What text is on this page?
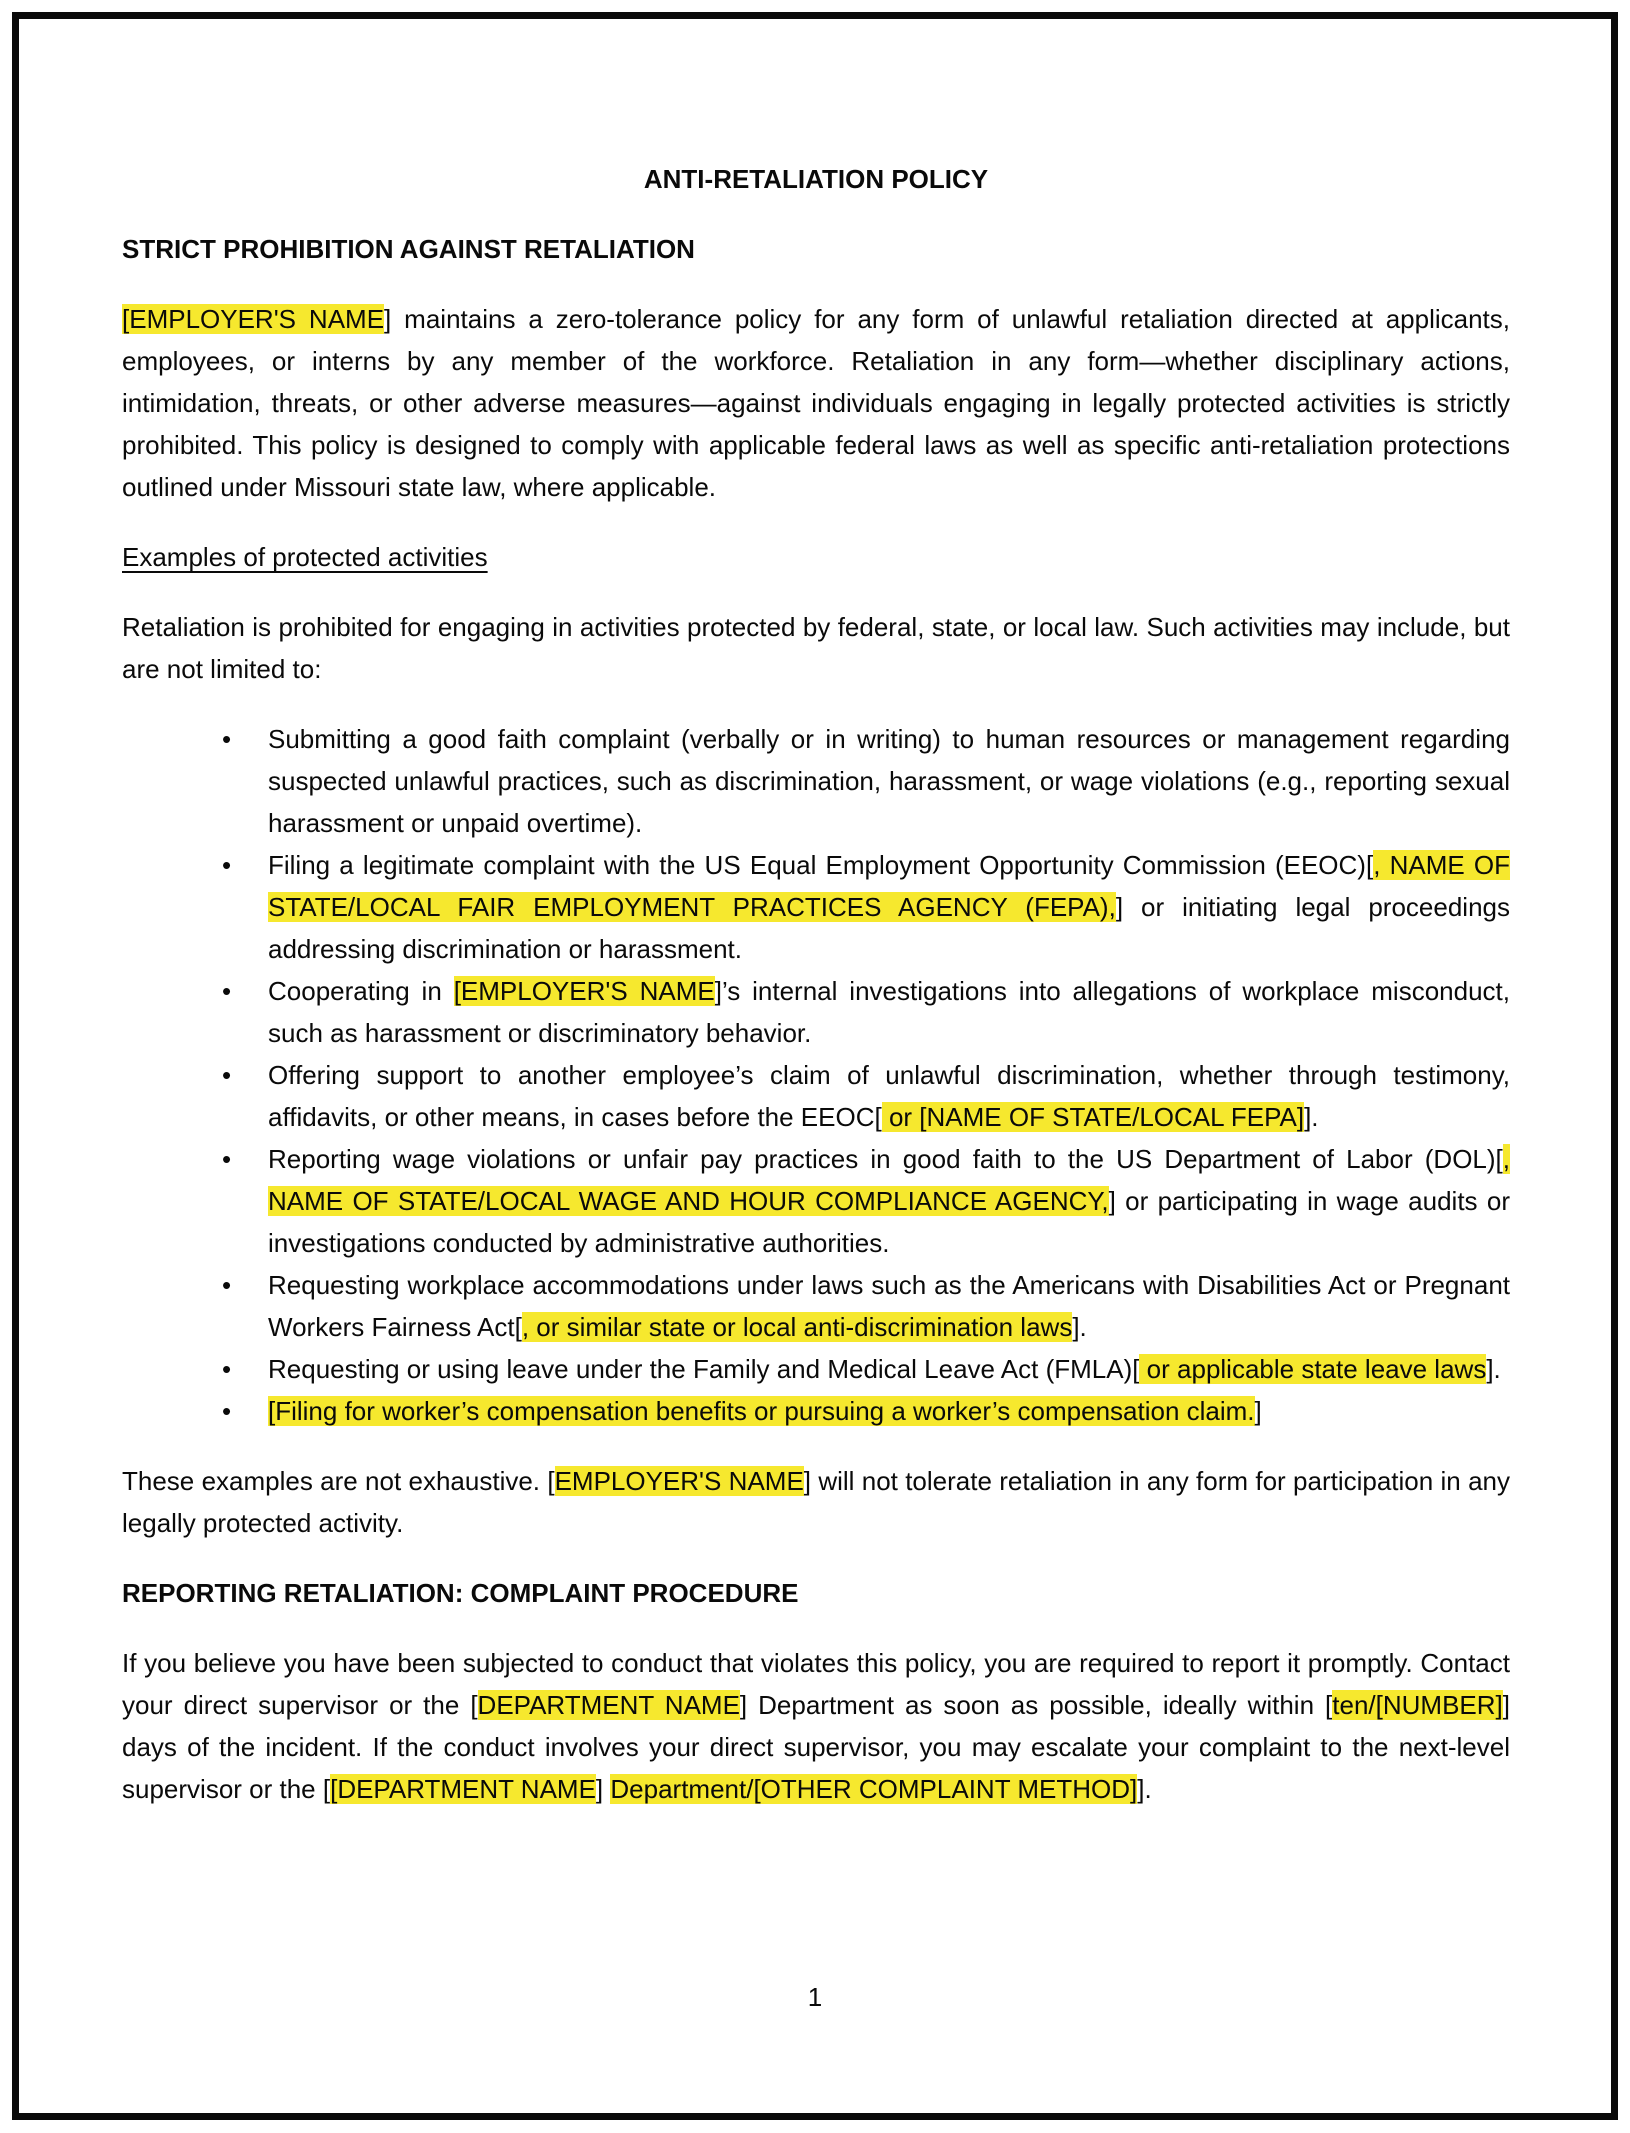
ANTI-RETALIATION POLICY
STRICT PROHIBITION AGAINST RETALIATION

[EMPLOYER'S NAME] maintains a zero-tolerance policy for any form of unlawful retaliation directed at applicants, employees, or interns by any member of the workforce. Retaliation in any form—whether disciplinary actions, intimidation, threats, or other adverse measures—against individuals engaging in legally protected activities is strictly prohibited. This policy is designed to comply with applicable federal laws as well as specific anti-retaliation protections outlined under Missouri state law, where applicable.

Examples of protected activities

Retaliation is prohibited for engaging in activities protected by federal, state, or local law. Such activities may include, but are not limited to:

• Submitting a good faith complaint (verbally or in writing) to human resources or management regarding suspected unlawful practices, such as discrimination, harassment, or wage violations (e.g., reporting sexual harassment or unpaid overtime).
• Filing a legitimate complaint with the US Equal Employment Opportunity Commission (EEOC)[, NAME OF STATE/LOCAL FAIR EMPLOYMENT PRACTICES AGENCY (FEPA),] or initiating legal proceedings addressing discrimination or harassment.
• Cooperating in [EMPLOYER'S NAME]’s internal investigations into allegations of workplace misconduct, such as harassment or discriminatory behavior.
• Offering support to another employee’s claim of unlawful discrimination, whether through testimony, affidavits, or other means, in cases before the EEOC[ or [NAME OF STATE/LOCAL FEPA]].
• Reporting wage violations or unfair pay practices in good faith to the US Department of Labor (DOL)[, NAME OF STATE/LOCAL WAGE AND HOUR COMPLIANCE AGENCY,] or participating in wage audits or investigations conducted by administrative authorities.
• Requesting workplace accommodations under laws such as the Americans with Disabilities Act or Pregnant Workers Fairness Act[, or similar state or local anti-discrimination laws].
• Requesting or using leave under the Family and Medical Leave Act (FMLA)[ or applicable state leave laws].
• [Filing for worker’s compensation benefits or pursuing a worker’s compensation claim.]

These examples are not exhaustive. [EMPLOYER'S NAME] will not tolerate retaliation in any form for participation in any legally protected activity.

REPORTING RETALIATION: COMPLAINT PROCEDURE

If you believe you have been subjected to conduct that violates this policy, you are required to report it promptly. Contact your direct supervisor or the [DEPARTMENT NAME] Department as soon as possible, ideally within [ten/[NUMBER]] days of the incident. If the conduct involves your direct supervisor, you may escalate your complaint to the next-level supervisor or the [[DEPARTMENT NAME] Department/[OTHER COMPLAINT METHOD]].

1
